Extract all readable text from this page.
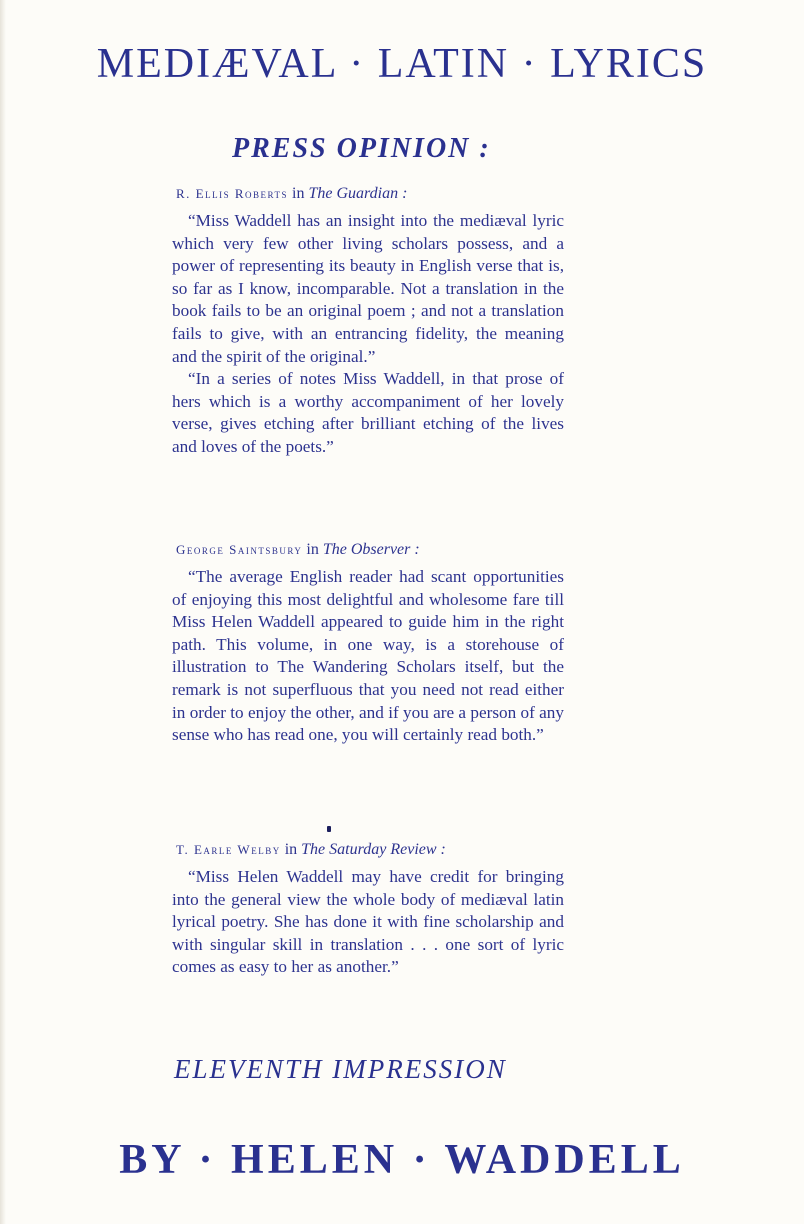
MEDIÆVAL · LATIN · LYRICS
PRESS OPINION :

R. Ellis Roberts in The Guardian :

“Miss Waddell has an insight into the mediæval lyric which very few other living scholars possess, and a power of representing its beauty in English verse that is, so far as I know, incomparable. Not a translation in the book fails to be an original poem ; and not a translation fails to give, with an entrancing fidelity, the meaning and the spirit of the original.”

“In a series of notes Miss Waddell, in that prose of hers which is a worthy accompaniment of her lovely verse, gives etching after brilliant etching of the lives and loves of the poets.”

George Saintsbury in The Observer :

“The average English reader had scant opportunities of enjoying this most delightful and wholesome fare till Miss Helen Waddell appeared to guide him in the right path. This volume, in one way, is a storehouse of illustration to The Wandering Scholars itself, but the remark is not superfluous that you need not read either in order to enjoy the other, and if you are a person of any sense who has read one, you will certainly read both.”

T. Earle Welby in The Saturday Review :

“Miss Helen Waddell may have credit for bringing into the general view the whole body of mediæval latin lyrical poetry. She has done it with fine scholarship and with singular skill in translation . . . one sort of lyric comes as easy to her as another.”

ELEVENTH IMPRESSION

BY · HELEN · WADDELL
